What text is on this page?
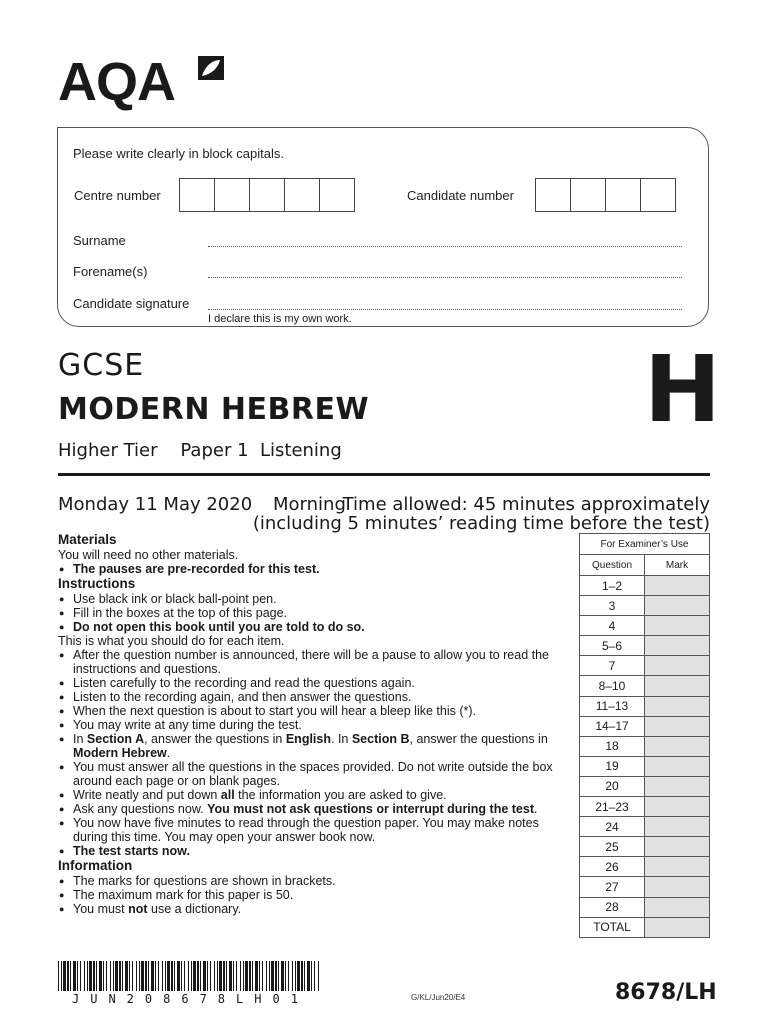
AQA
Please write clearly in block capitals.
Centre number	Candidate number
Surname
Forename(s)
Candidate signature
I declare this is my own work.
GCSE
MODERN HEBREW	H
Higher Tier Paper 1 Listening
Monday 11 May 2020 Morning
Time allowed: 45 minutes approximately
(including 5 minutes’ reading time before the test)
Materials

You will need no other materials.

● The pauses are pre-recorded for this test.
Instructions
● Use black ink or black ball-point pen.
● Fill in the boxes at the top of this page.
● Do not open this book until you are told to do so.

This is what you should do for each item.

● After the question number is announced, there will be a pause to allow you to read the instructions and questions.
● Listen carefully to the recording and read the questions again.
● Listen to the recording again, and then answer the questions.
● When the next question is about to start you will hear a bleep like this (*).
● You may write at any time during the test.
● In Section A, answer the questions in English. In Section B, answer the questions in Modern Hebrew.
● You must answer all the questions in the spaces provided. Do not write outside the box around each page or on blank pages.
● Write neatly and put down all the information you are asked to give.
● Ask any questions now. You must not ask questions or interrupt during the test.
● You now have five minutes to read through the question paper. You may make notes during this time. You may open your answer book now.
● The test starts now.
Information
● The marks for questions are shown in brackets.
● The maximum mark for this paper is 50.
● You must not use a dictionary.
For Examiner’s Use	
Question	Mark
1–2	
3	
4	
5–6	
7	
8–10	
11–13	
14–17	
18	
19	
20	
21–23	
24	
25	
26	
27	
28	
TOTAL	
JUN208678LH01	G/KL/Jun20/E4	8678/LH
